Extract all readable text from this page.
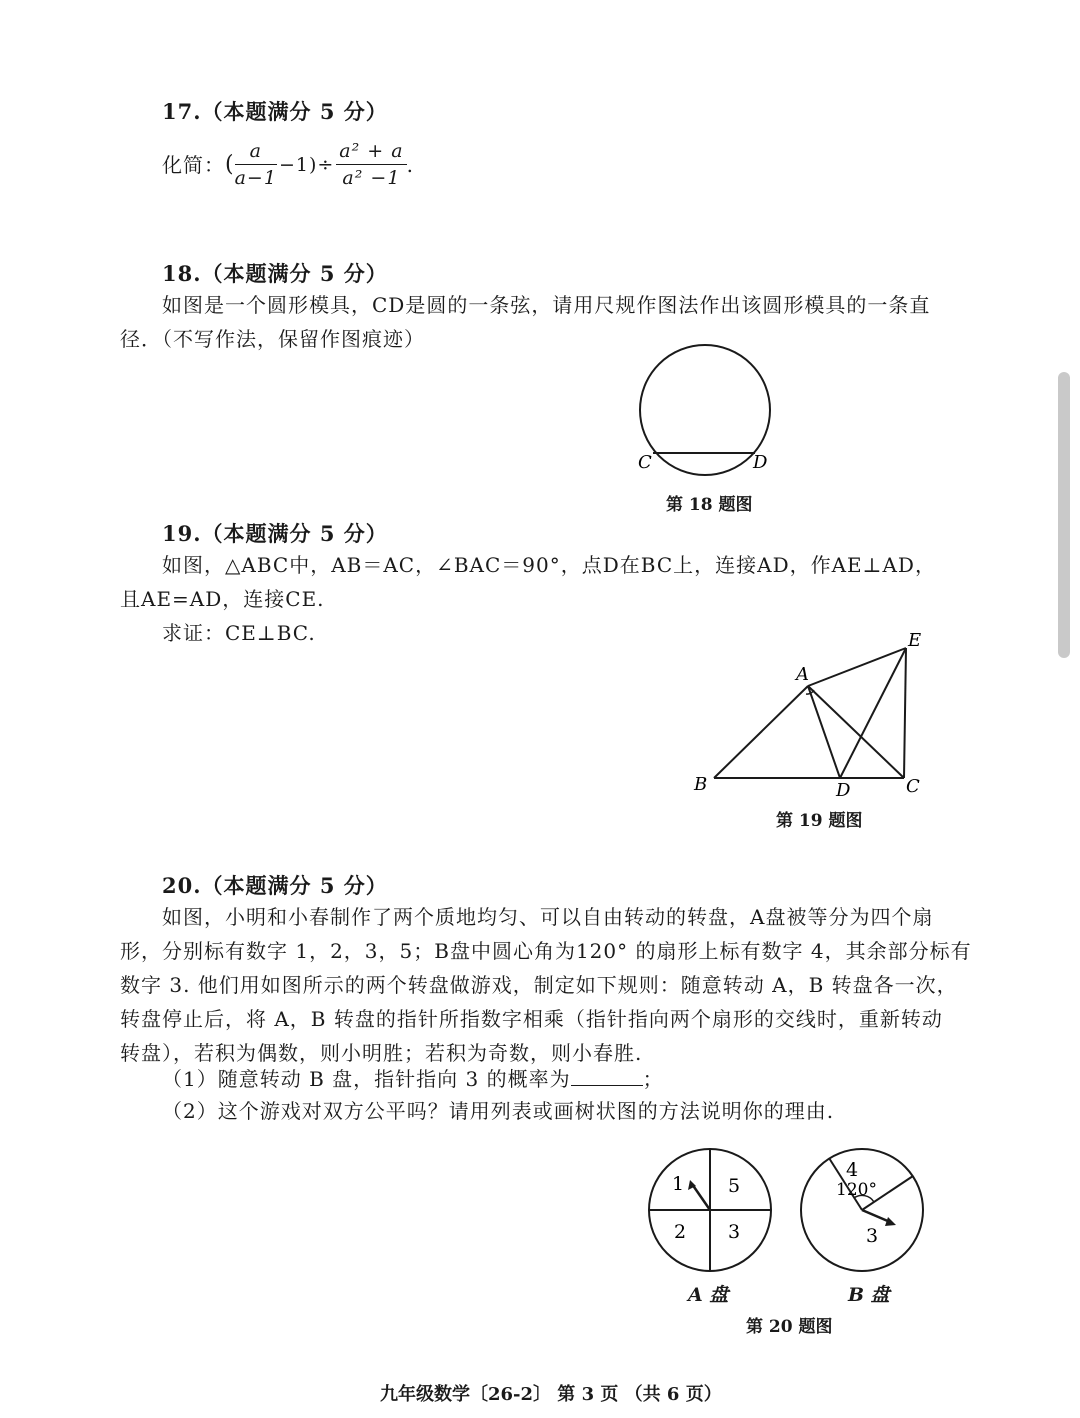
17.（本题满分 5 分）
化简： ( $\frac{a}{a-1} -1)\div \frac{\text{a² + a}}{\text{a² −1}}$ .
18.（本题满分 5 分）
如图是一个圆形模具，CD是圆的一条弦，请用尺规作图法作出该圆形模具的一条直
径．（不写作法，保留作图痕迹）
C	D
第 18 题图
19.（本题满分 5 分）
如图，△ABC中，AB＝AC，∠BAC＝90°，点D在BC上，连接AD，作AE⊥AD，
且AE=AD，连接CE.
求证：CE⊥BC.
A
B	C
D
E
第 19 题图
20.（本题满分 5 分）
如图，小明和小春制作了两个质地均匀、可以自由转动的转盘，A盘被等分为四个扇
形，分别标有数字 1，2，3，5；B盘中圆心角为120° 的扇形上标有数字 4，其余部分标有
数字 3. 他们用如图所示的两个转盘做游戏，制定如下规则：随意转动 A，B 转盘各一次，
转盘停止后，将 A，B 转盘的指针所指数字相乘（指针指向两个扇形的交线时，重新转动
转盘），若积为偶数，则小明胜；若积为奇数，则小春胜.
（1）随意转动 B 盘，指针指向 3 的概率为	；
（2）这个游戏对双方公平吗？请用列表或画树状图的方法说明你的理由.
1 5
2 3
A 盘
4
120°
3
B 盘
第 20 题图
九年级数学〔26-2〕 第 3 页 （共 6 页）
